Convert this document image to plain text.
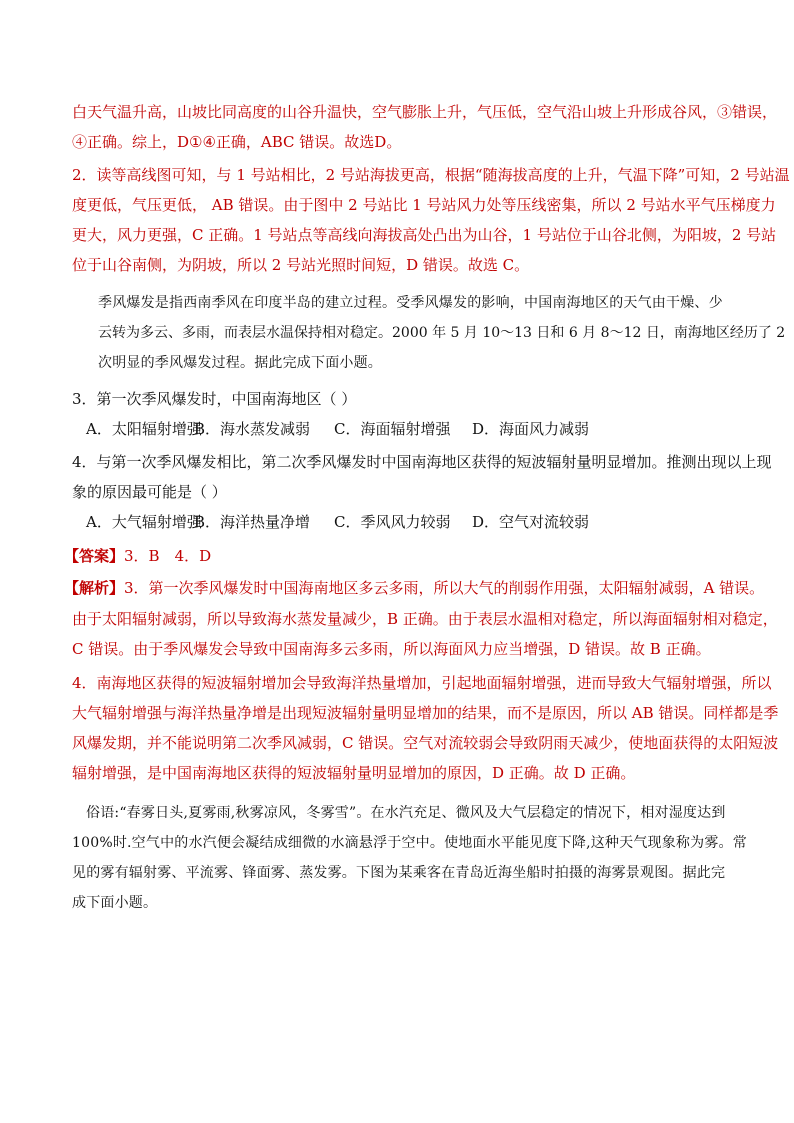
白天气温升高，山坡比同高度的山谷升温快，空气膨胀上升，气压低，空气沿山坡上升形成谷风，③错误，
④正确。综上，D①④正确，ABC 错误。故选D。
2．读等高线图可知，与 1 号站相比，2 号站海拔更高，根据“随海拔高度的上升，气温下降”可知，2 号站温
度更低，气压更低， AB 错误。由于图中 2 号站比 1 号站风力处等压线密集，所以 2 号站水平气压梯度力
更大，风力更强，C 正确。1 号站点等高线向海拔高处凸出为山谷，1 号站位于山谷北侧，为阳坡，2 号站
位于山谷南侧，为阴坡，所以 2 号站光照时间短，D 错误。故选 C。
季风爆发是指西南季风在印度半岛的建立过程。受季风爆发的影响，中国南海地区的天气由干燥、少
云转为多云、多雨，而表层水温保持相对稳定。2000 年 5 月 10～13 日和 6 月 8～12 日，南海地区经历了 2
次明显的季风爆发过程。据此完成下面小题。
3．第一次季风爆发时，中国南海地区（ ）
A．太阳辐射增强
B．海水蒸发减弱	C．海面辐射增强	D．海面风力减弱
4．与第一次季风爆发相比，第二次季风爆发时中国南海地区获得的短波辐射量明显增加。推测出现以上现
象的原因最可能是（ ）
A．大气辐射增强
B．海洋热量净增	C．季风风力较弱	D．空气对流较弱
【答案】3．B　4．D
【解析】3．第一次季风爆发时中国海南地区多云多雨，所以大气的削弱作用强，太阳辐射减弱，A 错误。
由于太阳辐射减弱，所以导致海水蒸发量减少，B 正确。由于表层水温相对稳定，所以海面辐射相对稳定，
C 错误。由于季风爆发会导致中国南海多云多雨，所以海面风力应当增强，D 错误。故 B 正确。
4．南海地区获得的短波辐射增加会导致海洋热量增加，引起地面辐射增强，进而导致大气辐射增强，所以
大气辐射增强与海洋热量净增是出现短波辐射量明显增加的结果，而不是原因，所以 AB 错误。同样都是季
风爆发期，并不能说明第二次季风减弱，C 错误。空气对流较弱会导致阴雨天减少，使地面获得的太阳短波
辐射增强，是中国南海地区获得的短波辐射量明显增加的原因，D 正确。故 D 正确。
俗语:“春雾日头,夏雾雨,秋雾凉风，冬雾雪”。在水汽充足、微风及大气层稳定的情况下，相对湿度达到
100%时.空气中的水汽便会凝结成细微的水滴悬浮于空中。使地面水平能见度下降,这种天气现象称为雾。常
见的雾有辐射雾、平流雾、锋面雾、蒸发雾。下图为某乘客在青岛近海坐船时拍摄的海雾景观图。据此完
成下面小题。
